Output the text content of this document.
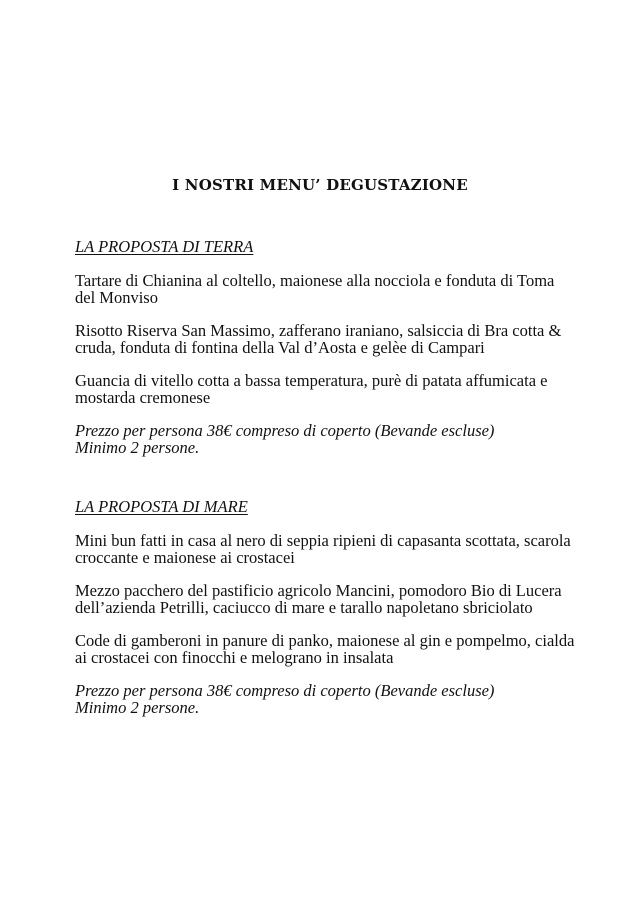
I NOSTRI MENU’ DEGUSTAZIONE

LA PROPOSTA DI TERRA

Tartare di Chianina al coltello, maionese alla nocciola e fonduta di Toma del Monviso

Risotto Riserva San Massimo, zafferano iraniano, salsiccia di Bra cotta & cruda, fonduta di fontina della Val d’Aosta e gelèe di Campari

Guancia di vitello cotta a bassa temperatura, purè di patata affumicata e mostarda cremonese

Prezzo per persona 38€ compreso di coperto (Bevande escluse)
Minimo 2 persone.

LA PROPOSTA DI MARE

Mini bun fatti in casa al nero di seppia ripieni di capasanta scottata, scarola croccante e maionese ai crostacei

Mezzo pacchero del pastificio agricolo Mancini, pomodoro Bio di Lucera dell’azienda Petrilli, caciucco di mare e tarallo napoletano sbriciolato

Code di gamberoni in panure di panko, maionese al gin e pompelmo, cialda ai crostacei con finocchi e melograno in insalata

Prezzo per persona 38€ compreso di coperto (Bevande escluse)
Minimo 2 persone.
